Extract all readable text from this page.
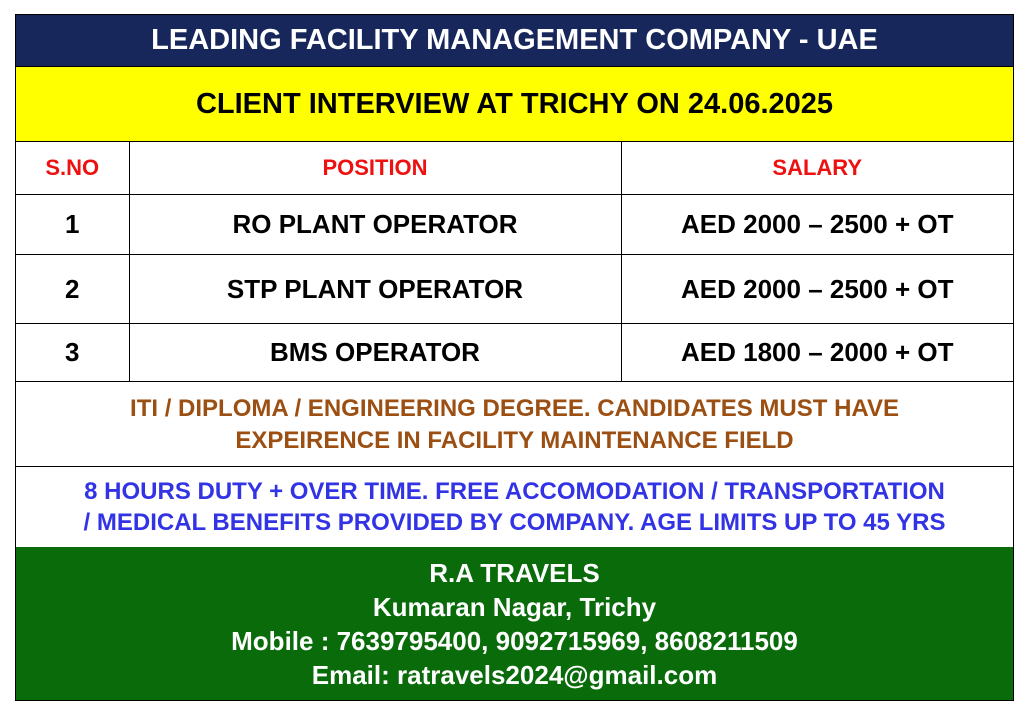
LEADING FACILITY MANAGEMENT COMPANY - UAE
CLIENT INTERVIEW AT TRICHY ON 24.06.2025
S.NO	POSITION	SALARY
1	RO PLANT OPERATOR	AED 2000 – 2500 + OT
2	STP PLANT OPERATOR	AED 2000 – 2500 + OT
3	BMS OPERATOR	AED 1800 – 2000 + OT
ITI / DIPLOMA / ENGINEERING DEGREE. CANDIDATES MUST HAVE
EXPEIRENCE IN FACILITY MAINTENANCE FIELD
8 HOURS DUTY + OVER TIME. FREE ACCOMODATION / TRANSPORTATION
/ MEDICAL BENEFITS PROVIDED BY COMPANY. AGE LIMITS UP TO 45 YRS
R.A TRAVELS
Kumaran Nagar, Trichy
Mobile : 7639795400, 9092715969, 8608211509
Email: ratravels2024@gmail.com
